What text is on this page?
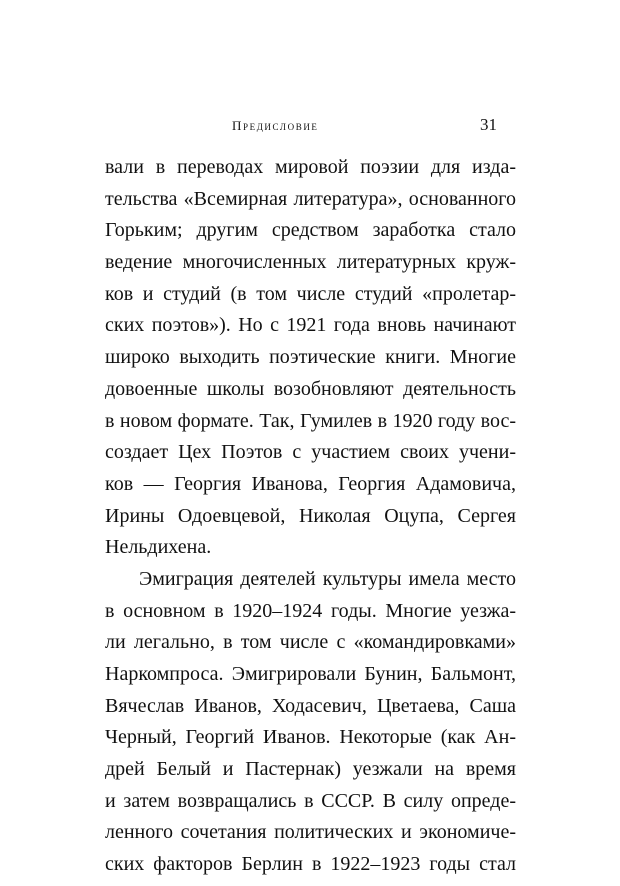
Предисловие	31
вали в переводах мировой поэзии для изда-
тельства «Всемирная литература», основанного
Горьким; другим средством заработка стало
ведение многочисленных литературных круж-
ков и студий (в том числе студий «пролетар-
ских поэтов»). Но с 1921 года вновь начинают
широко выходить поэтические книги. Многие
довоенные школы возобновляют деятельность
в новом формате. Так, Гумилев в 1920 году вос-
создает Цех Поэтов с участием своих учени-
ков — Георгия Иванова, Георгия Адамовича,
Ирины Одоевцевой, Николая Оцупа, Сергея
Нельдихена.
Эмиграция деятелей культуры имела место
в основном в 1920–1924 годы. Многие уезжа-
ли легально, в том числе с «командировками»
Наркомпроса. Эмигрировали Бунин, Бальмонт,
Вячеслав Иванов, Ходасевич, Цветаева, Саша
Черный, Георгий Иванов. Некоторые (как Ан-
дрей Белый и Пастернак) уезжали на время
и затем возвращались в СССР. В силу опреде-
ленного сочетания политических и экономиче-
ских факторов Берлин в 1922–1923 годы стал
